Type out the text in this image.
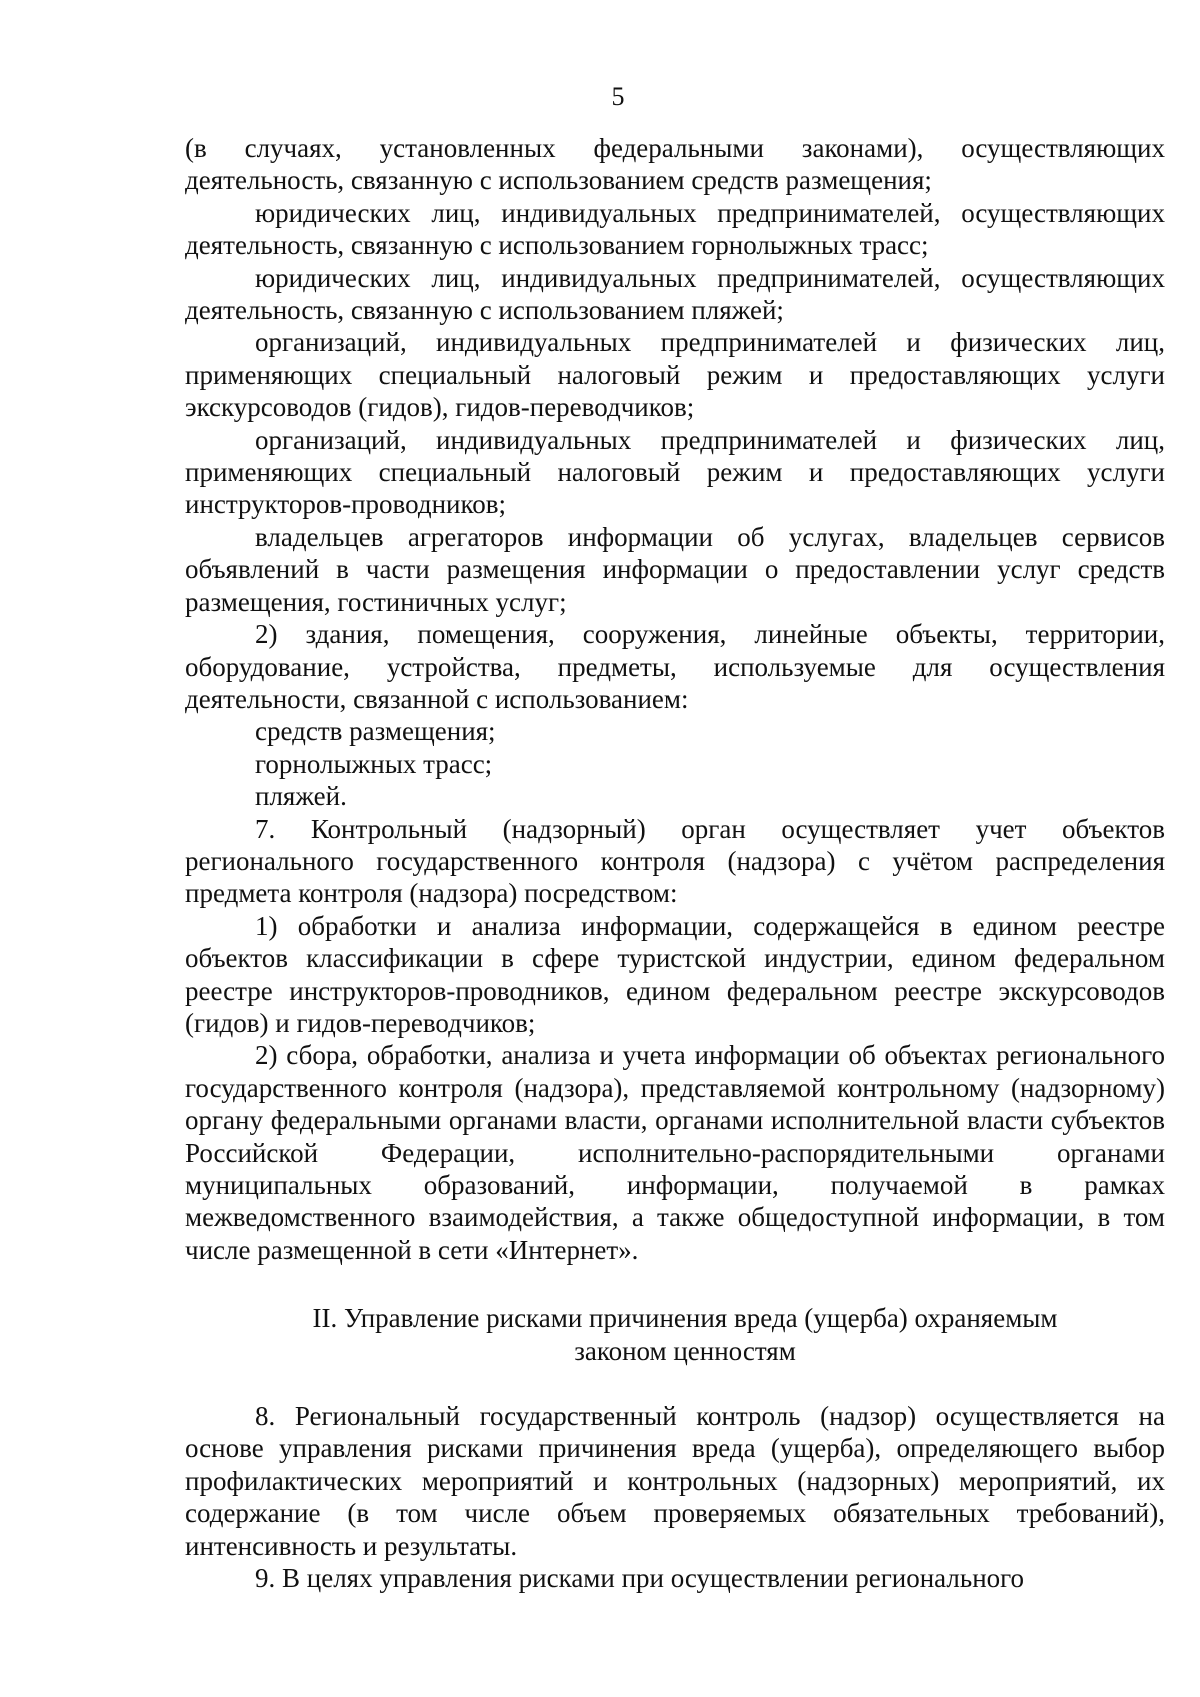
5

(в случаях, установленных федеральными законами), осуществляющих деятельность, связанную с использованием средств размещения;

юридических лиц, индивидуальных предпринимателей, осуществляющих деятельность, связанную с использованием горнолыжных трасс;

юридических лиц, индивидуальных предпринимателей, осуществляющих деятельность, связанную с использованием пляжей;

организаций, индивидуальных предпринимателей и физических лиц, применяющих специальный налоговый режим и предоставляющих услуги экскурсоводов (гидов), гидов-переводчиков;

организаций, индивидуальных предпринимателей и физических лиц, применяющих специальный налоговый режим и предоставляющих услуги инструкторов-проводников;

владельцев агрегаторов информации об услугах, владельцев сервисов объявлений в части размещения информации о предоставлении услуг средств размещения, гостиничных услуг;

2) здания, помещения, сооружения, линейные объекты, территории, оборудование, устройства, предметы, используемые для осуществления деятельности, связанной с использованием:

средств размещения;

горнолыжных трасс;

пляжей.

7. Контрольный (надзорный) орган осуществляет учет объектов регионального государственного контроля (надзора) с учётом распределения предмета контроля (надзора) посредством:

1) обработки и анализа информации, содержащейся в едином реестре объектов классификации в сфере туристской индустрии, едином федеральном реестре инструкторов-проводников, едином федеральном реестре экскурсоводов (гидов) и гидов-переводчиков;

2) сбора, обработки, анализа и учета информации об объектах регионального государственного контроля (надзора), представляемой контрольному (надзорному) органу федеральными органами власти, органами исполнительной власти субъектов Российской Федерации, исполнительно-распорядительными органами муниципальных образований, информации, получаемой в рамках межведомственного взаимодействия, а также общедоступной информации, в том числе размещенной в сети «Интернет».

II. Управление рисками причинения вреда (ущерба) охраняемым законом ценностям

8. Региональный государственный контроль (надзор) осуществляется на основе управления рисками причинения вреда (ущерба), определяющего выбор профилактических мероприятий и контрольных (надзорных) мероприятий, их содержание (в том числе объем проверяемых обязательных требований), интенсивность и результаты.

9. В целях управления рисками при осуществлении регионального
